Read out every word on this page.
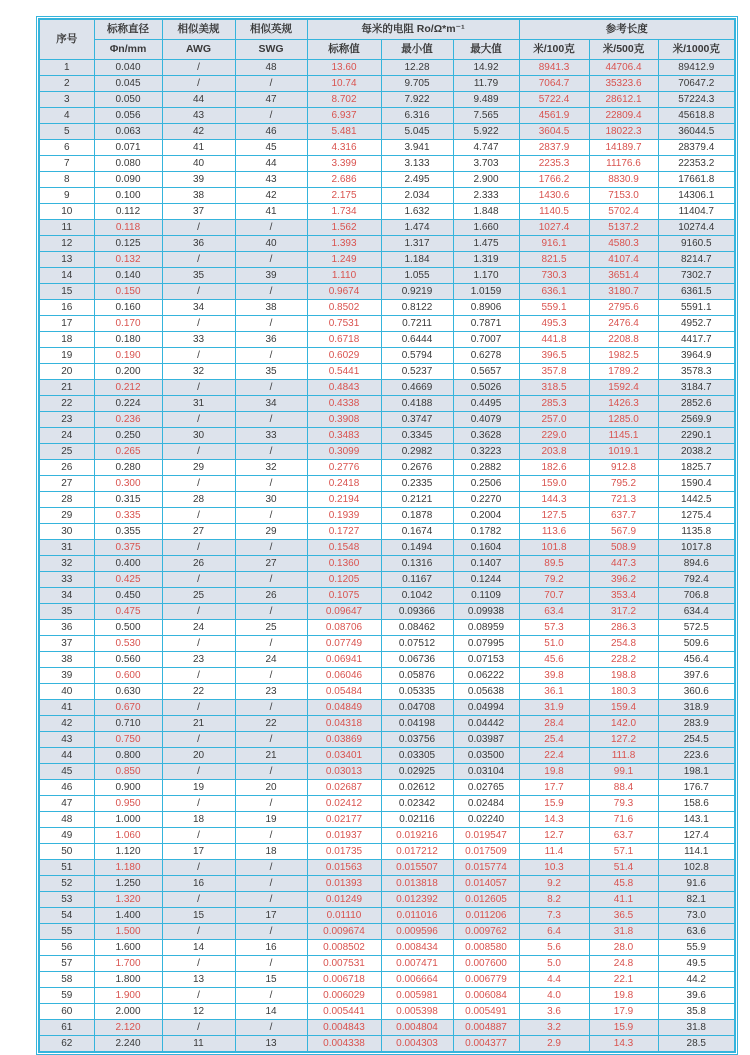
序号	标称直径	相似美规	相似英规	每米的电阻 Ro/Ω*m⁻¹			参考长度		
	Φn/mm	AWG	SWG	标称值	最小值	最大值	米/100克	米/500克	米/1000克
1	0.040	/	48	13.60	12.28	14.92	8941.3	44706.4	89412.9
2	0.045	/	/	10.74	9.705	11.79	7064.7	35323.6	70647.2
3	0.050	44	47	8.702	7.922	9.489	5722.4	28612.1	57224.3
4	0.056	43	/	6.937	6.316	7.565	4561.9	22809.4	45618.8
5	0.063	42	46	5.481	5.045	5.922	3604.5	18022.3	36044.5
6	0.071	41	45	4.316	3.941	4.747	2837.9	14189.7	28379.4
7	0.080	40	44	3.399	3.133	3.703	2235.3	11176.6	22353.2
8	0.090	39	43	2.686	2.495	2.900	1766.2	8830.9	17661.8
9	0.100	38	42	2.175	2.034	2.333	1430.6	7153.0	14306.1
10	0.112	37	41	1.734	1.632	1.848	1140.5	5702.4	11404.7
11	0.118	/	/	1.562	1.474	1.660	1027.4	5137.2	10274.4
12	0.125	36	40	1.393	1.317	1.475	916.1	4580.3	9160.5
13	0.132	/	/	1.249	1.184	1.319	821.5	4107.4	8214.7
14	0.140	35	39	1.110	1.055	1.170	730.3	3651.4	7302.7
15	0.150	/	/	0.9674	0.9219	1.0159	636.1	3180.7	6361.5
16	0.160	34	38	0.8502	0.8122	0.8906	559.1	2795.6	5591.1
17	0.170	/	/	0.7531	0.7211	0.7871	495.3	2476.4	4952.7
18	0.180	33	36	0.6718	0.6444	0.7007	441.8	2208.8	4417.7
19	0.190	/	/	0.6029	0.5794	0.6278	396.5	1982.5	3964.9
20	0.200	32	35	0.5441	0.5237	0.5657	357.8	1789.2	3578.3
21	0.212	/	/	0.4843	0.4669	0.5026	318.5	1592.4	3184.7
22	0.224	31	34	0.4338	0.4188	0.4495	285.3	1426.3	2852.6
23	0.236	/	/	0.3908	0.3747	0.4079	257.0	1285.0	2569.9
24	0.250	30	33	0.3483	0.3345	0.3628	229.0	1145.1	2290.1
25	0.265	/	/	0.3099	0.2982	0.3223	203.8	1019.1	2038.2
26	0.280	29	32	0.2776	0.2676	0.2882	182.6	912.8	1825.7
27	0.300	/	/	0.2418	0.2335	0.2506	159.0	795.2	1590.4
28	0.315	28	30	0.2194	0.2121	0.2270	144.3	721.3	1442.5
29	0.335	/	/	0.1939	0.1878	0.2004	127.5	637.7	1275.4
30	0.355	27	29	0.1727	0.1674	0.1782	113.6	567.9	1135.8
31	0.375	/	/	0.1548	0.1494	0.1604	101.8	508.9	1017.8
32	0.400	26	27	0.1360	0.1316	0.1407	89.5	447.3	894.6
33	0.425	/	/	0.1205	0.1167	0.1244	79.2	396.2	792.4
34	0.450	25	26	0.1075	0.1042	0.1109	70.7	353.4	706.8
35	0.475	/	/	0.09647	0.09366	0.09938	63.4	317.2	634.4
36	0.500	24	25	0.08706	0.08462	0.08959	57.3	286.3	572.5
37	0.530	/	/	0.07749	0.07512	0.07995	51.0	254.8	509.6
38	0.560	23	24	0.06941	0.06736	0.07153	45.6	228.2	456.4
39	0.600	/	/	0.06046	0.05876	0.06222	39.8	198.8	397.6
40	0.630	22	23	0.05484	0.05335	0.05638	36.1	180.3	360.6
41	0.670	/	/	0.04849	0.04708	0.04994	31.9	159.4	318.9
42	0.710	21	22	0.04318	0.04198	0.04442	28.4	142.0	283.9
43	0.750	/	/	0.03869	0.03756	0.03987	25.4	127.2	254.5
44	0.800	20	21	0.03401	0.03305	0.03500	22.4	111.8	223.6
45	0.850	/	/	0.03013	0.02925	0.03104	19.8	99.1	198.1
46	0.900	19	20	0.02687	0.02612	0.02765	17.7	88.4	176.7
47	0.950	/	/	0.02412	0.02342	0.02484	15.9	79.3	158.6
48	1.000	18	19	0.02177	0.02116	0.02240	14.3	71.6	143.1
49	1.060	/	/	0.01937	0.019216	0.019547	12.7	63.7	127.4
50	1.120	17	18	0.01735	0.017212	0.017509	11.4	57.1	114.1
51	1.180	/	/	0.01563	0.015507	0.015774	10.3	51.4	102.8
52	1.250	16	/	0.01393	0.013818	0.014057	9.2	45.8	91.6
53	1.320	/	/	0.01249	0.012392	0.012605	8.2	41.1	82.1
54	1.400	15	17	0.01110	0.011016	0.011206	7.3	36.5	73.0
55	1.500	/	/	0.009674	0.009596	0.009762	6.4	31.8	63.6
56	1.600	14	16	0.008502	0.008434	0.008580	5.6	28.0	55.9
57	1.700	/	/	0.007531	0.007471	0.007600	5.0	24.8	49.5
58	1.800	13	15	0.006718	0.006664	0.006779	4.4	22.1	44.2
59	1.900	/	/	0.006029	0.005981	0.006084	4.0	19.8	39.6
60	2.000	12	14	0.005441	0.005398	0.005491	3.6	17.9	35.8
61	2.120	/	/	0.004843	0.004804	0.004887	3.2	15.9	31.8
62	2.240	11	13	0.004338	0.004303	0.004377	2.9	14.3	28.5
